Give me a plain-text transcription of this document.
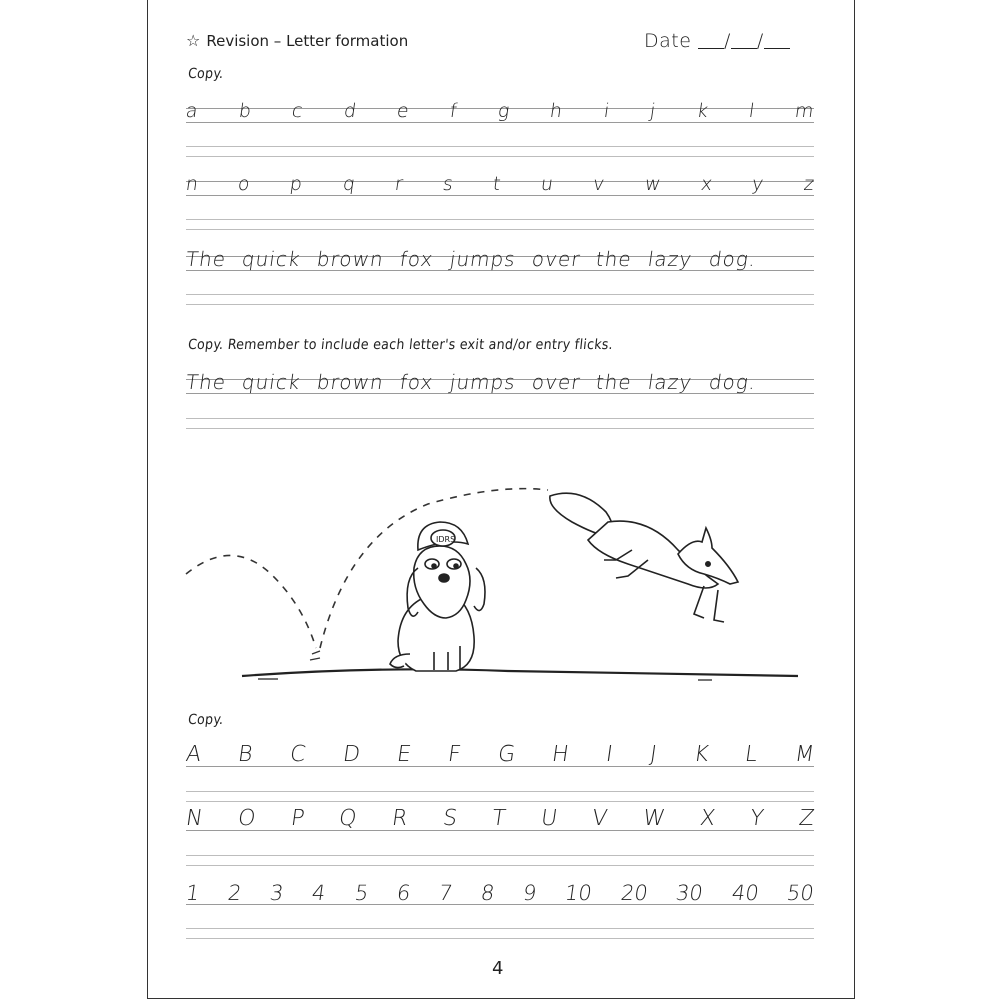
☆ Revision – Letter formation	Date / /
Copy.
a b c d e f g h i j k l m
n o p q r s t u v w x y z
The quick brown fox jumps over the lazy dog.
Copy. Remember to include each letter's exit and/or entry flicks.
The quick brown fox jumps over the lazy dog.
IDRS
Copy.
A B C D E F G H I J K L M
N O P Q R S T U V W X Y Z
1 2 3 4 5 6 7 8 9 10 20 30 40 50
4
